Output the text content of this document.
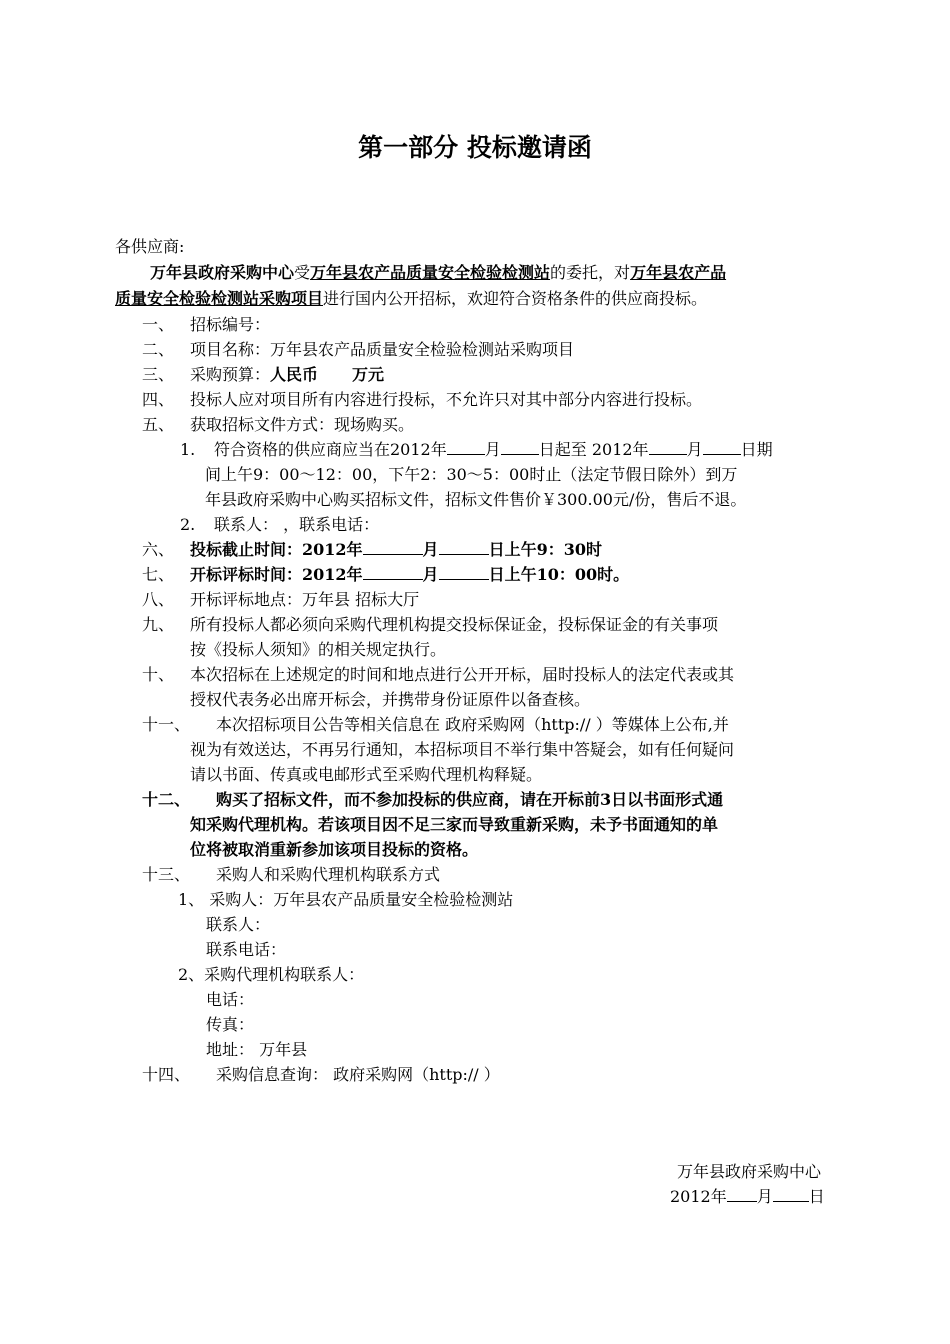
第一部分 投标邀请函
各供应商:
万年县政府采购中心受万年县农产品质量安全检验检测站的委托，对万年县农产品
质量安全检验检测站采购项目进行国内公开招标，欢迎符合资格条件的供应商投标。
一、 招标编号：
二、 项目名称：万年县农产品质量安全检验检测站采购项目
三、 采购预算：人民币 万元
四、 投标人应对项目所有内容进行投标，不允许只对其中部分内容进行投标。
五、 获取招标文件方式：现场购买。
1. 符合资格的供应商应当在2012年 月 日起至 2012年 月 日期
间上午9：00～12：00，下午2：30～5：00时止（法定节假日除外）到万
年县政府采购中心购买招标文件，招标文件售价￥300.00元/份，售后不退。
2. 联系人： ，联系电话：
六、 投标截止时间：2012年	月	日上午9：30时
七、 开标评标时间：2012年	月	日上午10：00时。
八、 开标评标地点：万年县 招标大厅
九、 所有投标人都必须向采购代理机构提交投标保证金，投标保证金的有关事项
按《投标人须知》的相关规定执行。
十、 本次招标在上述规定的时间和地点进行公开开标，届时投标人的法定代表或其
授权代表务必出席开标会，并携带身份证原件以备查核。
十一、 本次招标项目公告等相关信息在 政府采购网（http:// ）等媒体上公布,并
视为有效送达，不再另行通知，本招标项目不举行集中答疑会，如有任何疑问
请以书面、传真或电邮形式至采购代理机构释疑。
十二、 购买了招标文件，而不参加投标的供应商，请在开标前3日以书面形式通
知采购代理机构。若该项目因不足三家而导致重新采购，未予书面通知的单
位将被取消重新参加该项目投标的资格。
十三、 采购人和采购代理机构联系方式
1、 采购人：万年县农产品质量安全检验检测站
联系人：
联系电话：
2、采购代理机构联系人：
电话：
传真：
地址： 万年县
十四、 采购信息查询： 政府采购网（http:// ）
万年县政府采购中心
2012年 月 日
